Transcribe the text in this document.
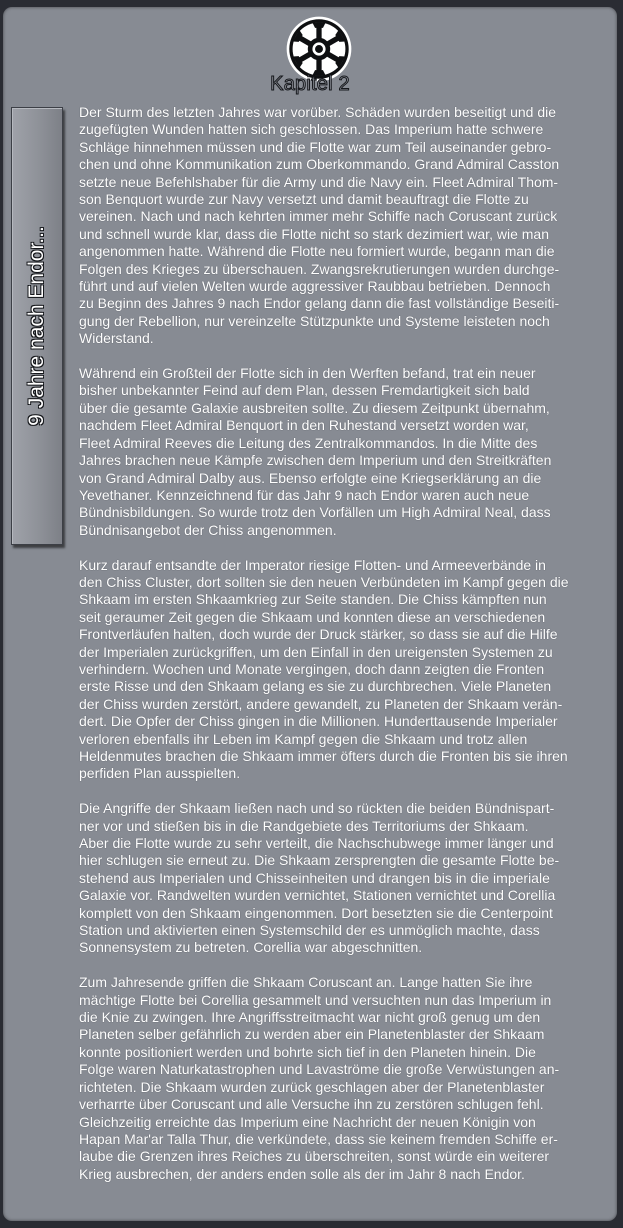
Kapitel 2
9 Jahre nach Endor...

Der Sturm des letzten Jahres war vorüber. Schäden wurden beseitigt und die
zugefügten Wunden hatten sich geschlossen. Das Imperium hatte schwere
Schläge hinnehmen müssen und die Flotte war zum Teil auseinander gebro-
chen und ohne Kommunikation zum Oberkommando. Grand Admiral Casston
setzte neue Befehlshaber für die Army und die Navy ein. Fleet Admiral Thom-
son Benquort wurde zur Navy versetzt und damit beauftragt die Flotte zu
vereinen. Nach und nach kehrten immer mehr Schiffe nach Coruscant zurück
und schnell wurde klar, dass die Flotte nicht so stark dezimiert war, wie man
angenommen hatte. Während die Flotte neu formiert wurde, begann man die
Folgen des Krieges zu überschauen. Zwangsrekrutierungen wurden durchge-
führt und auf vielen Welten wurde aggressiver Raubbau betrieben. Dennoch
zu Beginn des Jahres 9 nach Endor gelang dann die fast vollständige Beseiti-
gung der Rebellion, nur vereinzelte Stützpunkte und Systeme leisteten noch
Widerstand.

Während ein Großteil der Flotte sich in den Werften befand, trat ein neuer
bisher unbekannter Feind auf dem Plan, dessen Fremdartigkeit sich bald
über die gesamte Galaxie ausbreiten sollte. Zu diesem Zeitpunkt übernahm,
nachdem Fleet Admiral Benquort in den Ruhestand versetzt worden war,
Fleet Admiral Reeves die Leitung des Zentralkommandos. In die Mitte des
Jahres brachen neue Kämpfe zwischen dem Imperium und den Streitkräften
von Grand Admiral Dalby aus. Ebenso erfolgte eine Kriegserklärung an die
Yevethaner. Kennzeichnend für das Jahr 9 nach Endor waren auch neue
Bündnisbildungen. So wurde trotz den Vorfällen um High Admiral Neal, dass
Bündnisangebot der Chiss angenommen.

Kurz darauf entsandte der Imperator riesige Flotten- und Armeeverbände in
den Chiss Cluster, dort sollten sie den neuen Verbündeten im Kampf gegen die
Shkaam im ersten Shkaamkrieg zur Seite standen. Die Chiss kämpften nun
seit geraumer Zeit gegen die Shkaam und konnten diese an verschiedenen
Frontverläufen halten, doch wurde der Druck stärker, so dass sie auf die Hilfe
der Imperialen zurückgriffen, um den Einfall in den ureigensten Systemen zu
verhindern. Wochen und Monate vergingen, doch dann zeigten die Fronten
erste Risse und den Shkaam gelang es sie zu durchbrechen. Viele Planeten
der Chiss wurden zerstört, andere gewandelt, zu Planeten der Shkaam verän-
dert. Die Opfer der Chiss gingen in die Millionen. Hunderttausende Imperialer
verloren ebenfalls ihr Leben im Kampf gegen die Shkaam und trotz allen
Heldenmutes brachen die Shkaam immer öfters durch die Fronten bis sie ihren
perfiden Plan ausspielten.

Die Angriffe der Shkaam ließen nach und so rückten die beiden Bündnispart-
ner vor und stießen bis in die Randgebiete des Territoriums der Shkaam.
Aber die Flotte wurde zu sehr verteilt, die Nachschubwege immer länger und
hier schlugen sie erneut zu. Die Shkaam zersprengten die gesamte Flotte be-
stehend aus Imperialen und Chisseinheiten und drangen bis in die imperiale
Galaxie vor. Randwelten wurden vernichtet, Stationen vernichtet und Corellia
komplett von den Shkaam eingenommen. Dort besetzten sie die Centerpoint
Station und aktivierten einen Systemschild der es unmöglich machte, dass
Sonnensystem zu betreten. Corellia war abgeschnitten.

Zum Jahresende griffen die Shkaam Coruscant an. Lange hatten Sie ihre
mächtige Flotte bei Corellia gesammelt und versuchten nun das Imperium in
die Knie zu zwingen. Ihre Angriffsstreitmacht war nicht groß genug um den
Planeten selber gefährlich zu werden aber ein Planetenblaster der Shkaam
konnte positioniert werden und bohrte sich tief in den Planeten hinein. Die
Folge waren Naturkatastrophen und Lavaströme die große Verwüstungen an-
richteten. Die Shkaam wurden zurück geschlagen aber der Planetenblaster
verharrte über Coruscant und alle Versuche ihn zu zerstören schlugen fehl.
Gleichzeitig erreichte das Imperium eine Nachricht der neuen Königin von
Hapan Mar'ar Talla Thur, die verkündete, dass sie keinem fremden Schiffe er-
laube die Grenzen ihres Reiches zu überschreiten, sonst würde ein weiterer
Krieg ausbrechen, der anders enden solle als der im Jahr 8 nach Endor.
